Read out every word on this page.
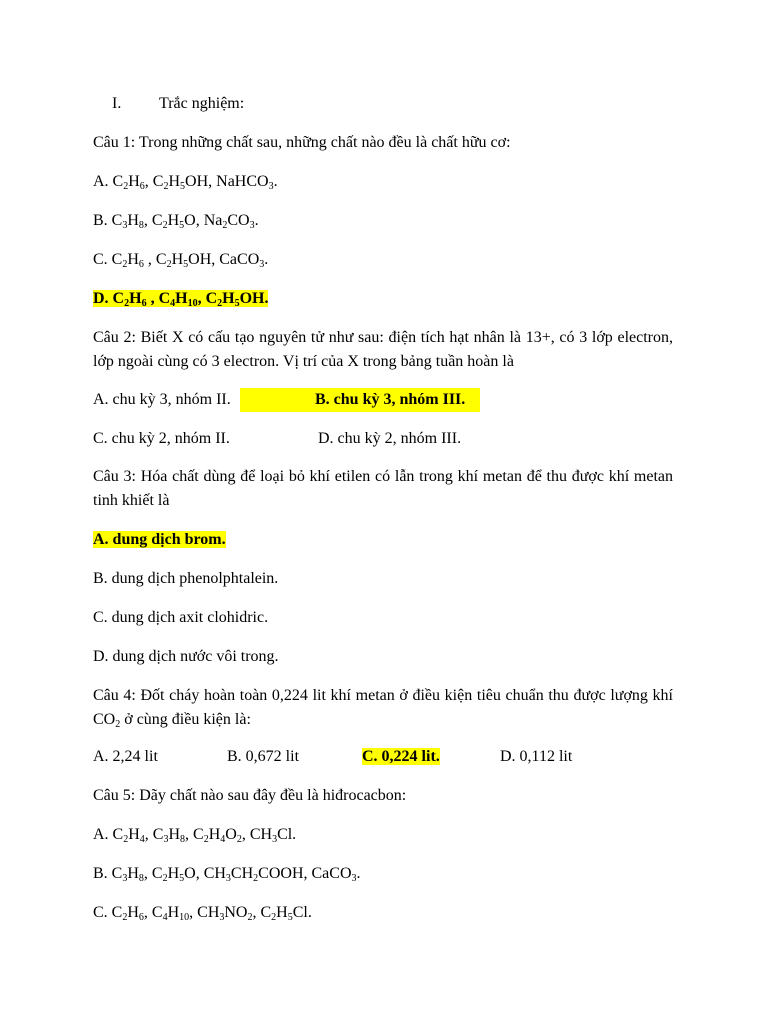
I. Trắc nghiệm:
Câu 1: Trong những chất sau, những chất nào đều là chất hữu cơ:
A. $C_2H_6$, $C_2H_5OH$, NaHCO$_3$.
B. $C_3H_8$, $C_2H_5O$, $Na_2CO_3$.
C. $C_2H_6$ , $C_2H_5OH$, CaCO$_3$.
D. $C_2H_6$ , $C_4H_{10}$, $C_2H_5OH$.
Câu 2: Biết X có cấu tạo nguyên tử như sau: điện tích hạt nhân là 13+, có 3 lớp electron, lớp ngoài cùng có 3 electron. Vị trí của X trong bảng tuần hoàn là
A. chu kỳ 3, nhóm II.	B. chu kỳ 3, nhóm III.
C. chu kỳ 2, nhóm II.	D. chu kỳ 2, nhóm III.
Câu 3: Hóa chất dùng để loại bỏ khí etilen có lẫn trong khí metan để thu được khí metan tinh khiết là
A. dung dịch brom.
B. dung dịch phenolphtalein.
C. dung dịch axit clohidric.
D. dung dịch nước vôi trong.
Câu 4: Đốt cháy hoàn toàn 0,224 lit khí metan ở điều kiện tiêu chuẩn thu được lượng khí $CO_2$ ở cùng điều kiện là:
A. 2,24 lit	B. 0,672 lit	C. 0,224 lit.	D. 0,112 lit
Câu 5: Dãy chất nào sau đây đều là hiđrocacbon:
A. $C_2H_4$, $C_3H_8$, $C_2H_4O_2$, $CH_3Cl$.
B. $C_3H_8$, $C_2H_5O$, $CH_3CH_2COOH$, CaCO$_3$.
C. $C_2H_6$, $C_4H_{10}$, $CH_3NO_2$, $C_2H_5Cl$.
